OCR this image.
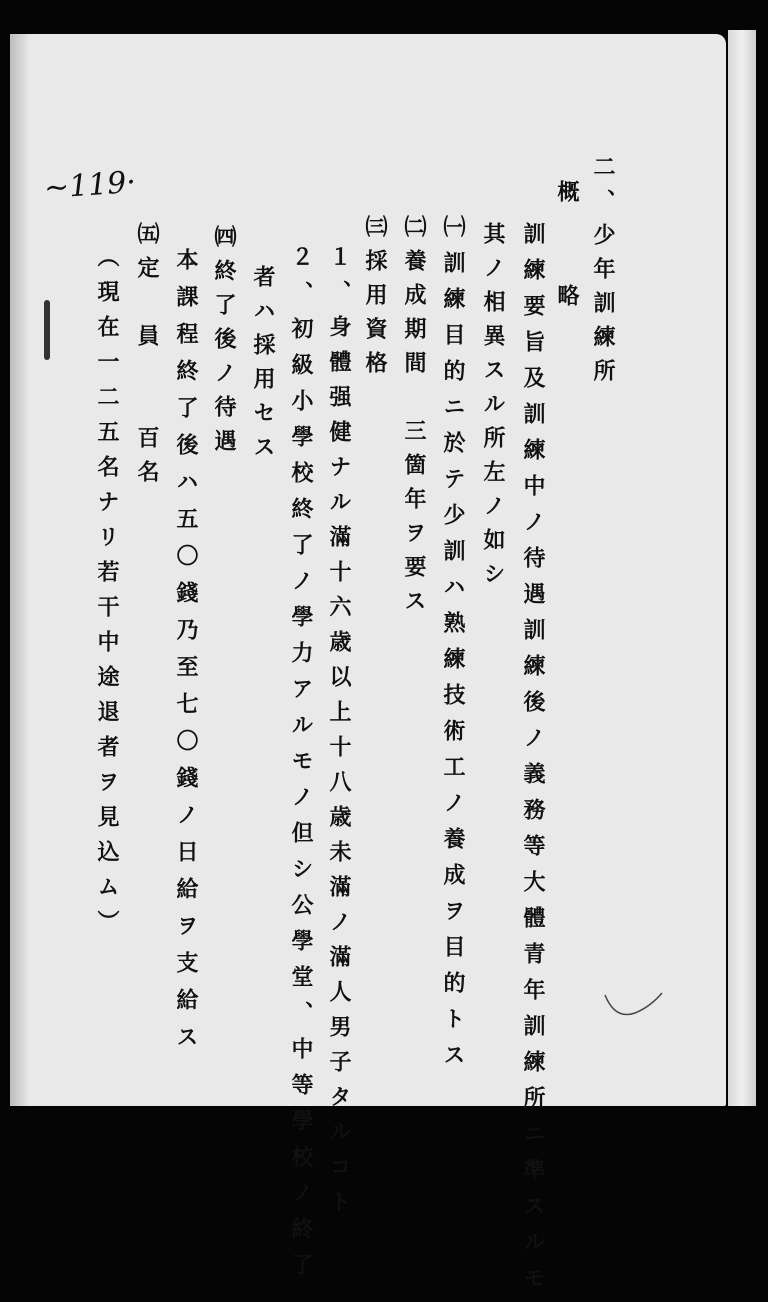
~119·	二、少年訓練所
概　略
訓練要旨及訓練中ノ待遇訓練後ノ義務等大體青年訓練所ニ準スルモ
其ノ相異スル所左ノ如シ
㈠訓練目的ニ於テ少訓ハ熟練技術工ノ養成ヲ目的トス
㈡養成期間　三箇年ヲ要ス
㈢採用資格
１、身體强健ナル滿十六歳以上十八歳未滿ノ滿人男子タルコト
２、初級小學校終了ノ學力アルモノ但シ公學堂、中等學校ノ終了
者ハ採用セス
㈣終了後ノ待遇
本課程終了後ハ五〇錢乃至七〇錢ノ日給ヲ支給ス
㈤定　員　　百名
（現在一二五名ナリ若干中途退者ヲ見込ム）
